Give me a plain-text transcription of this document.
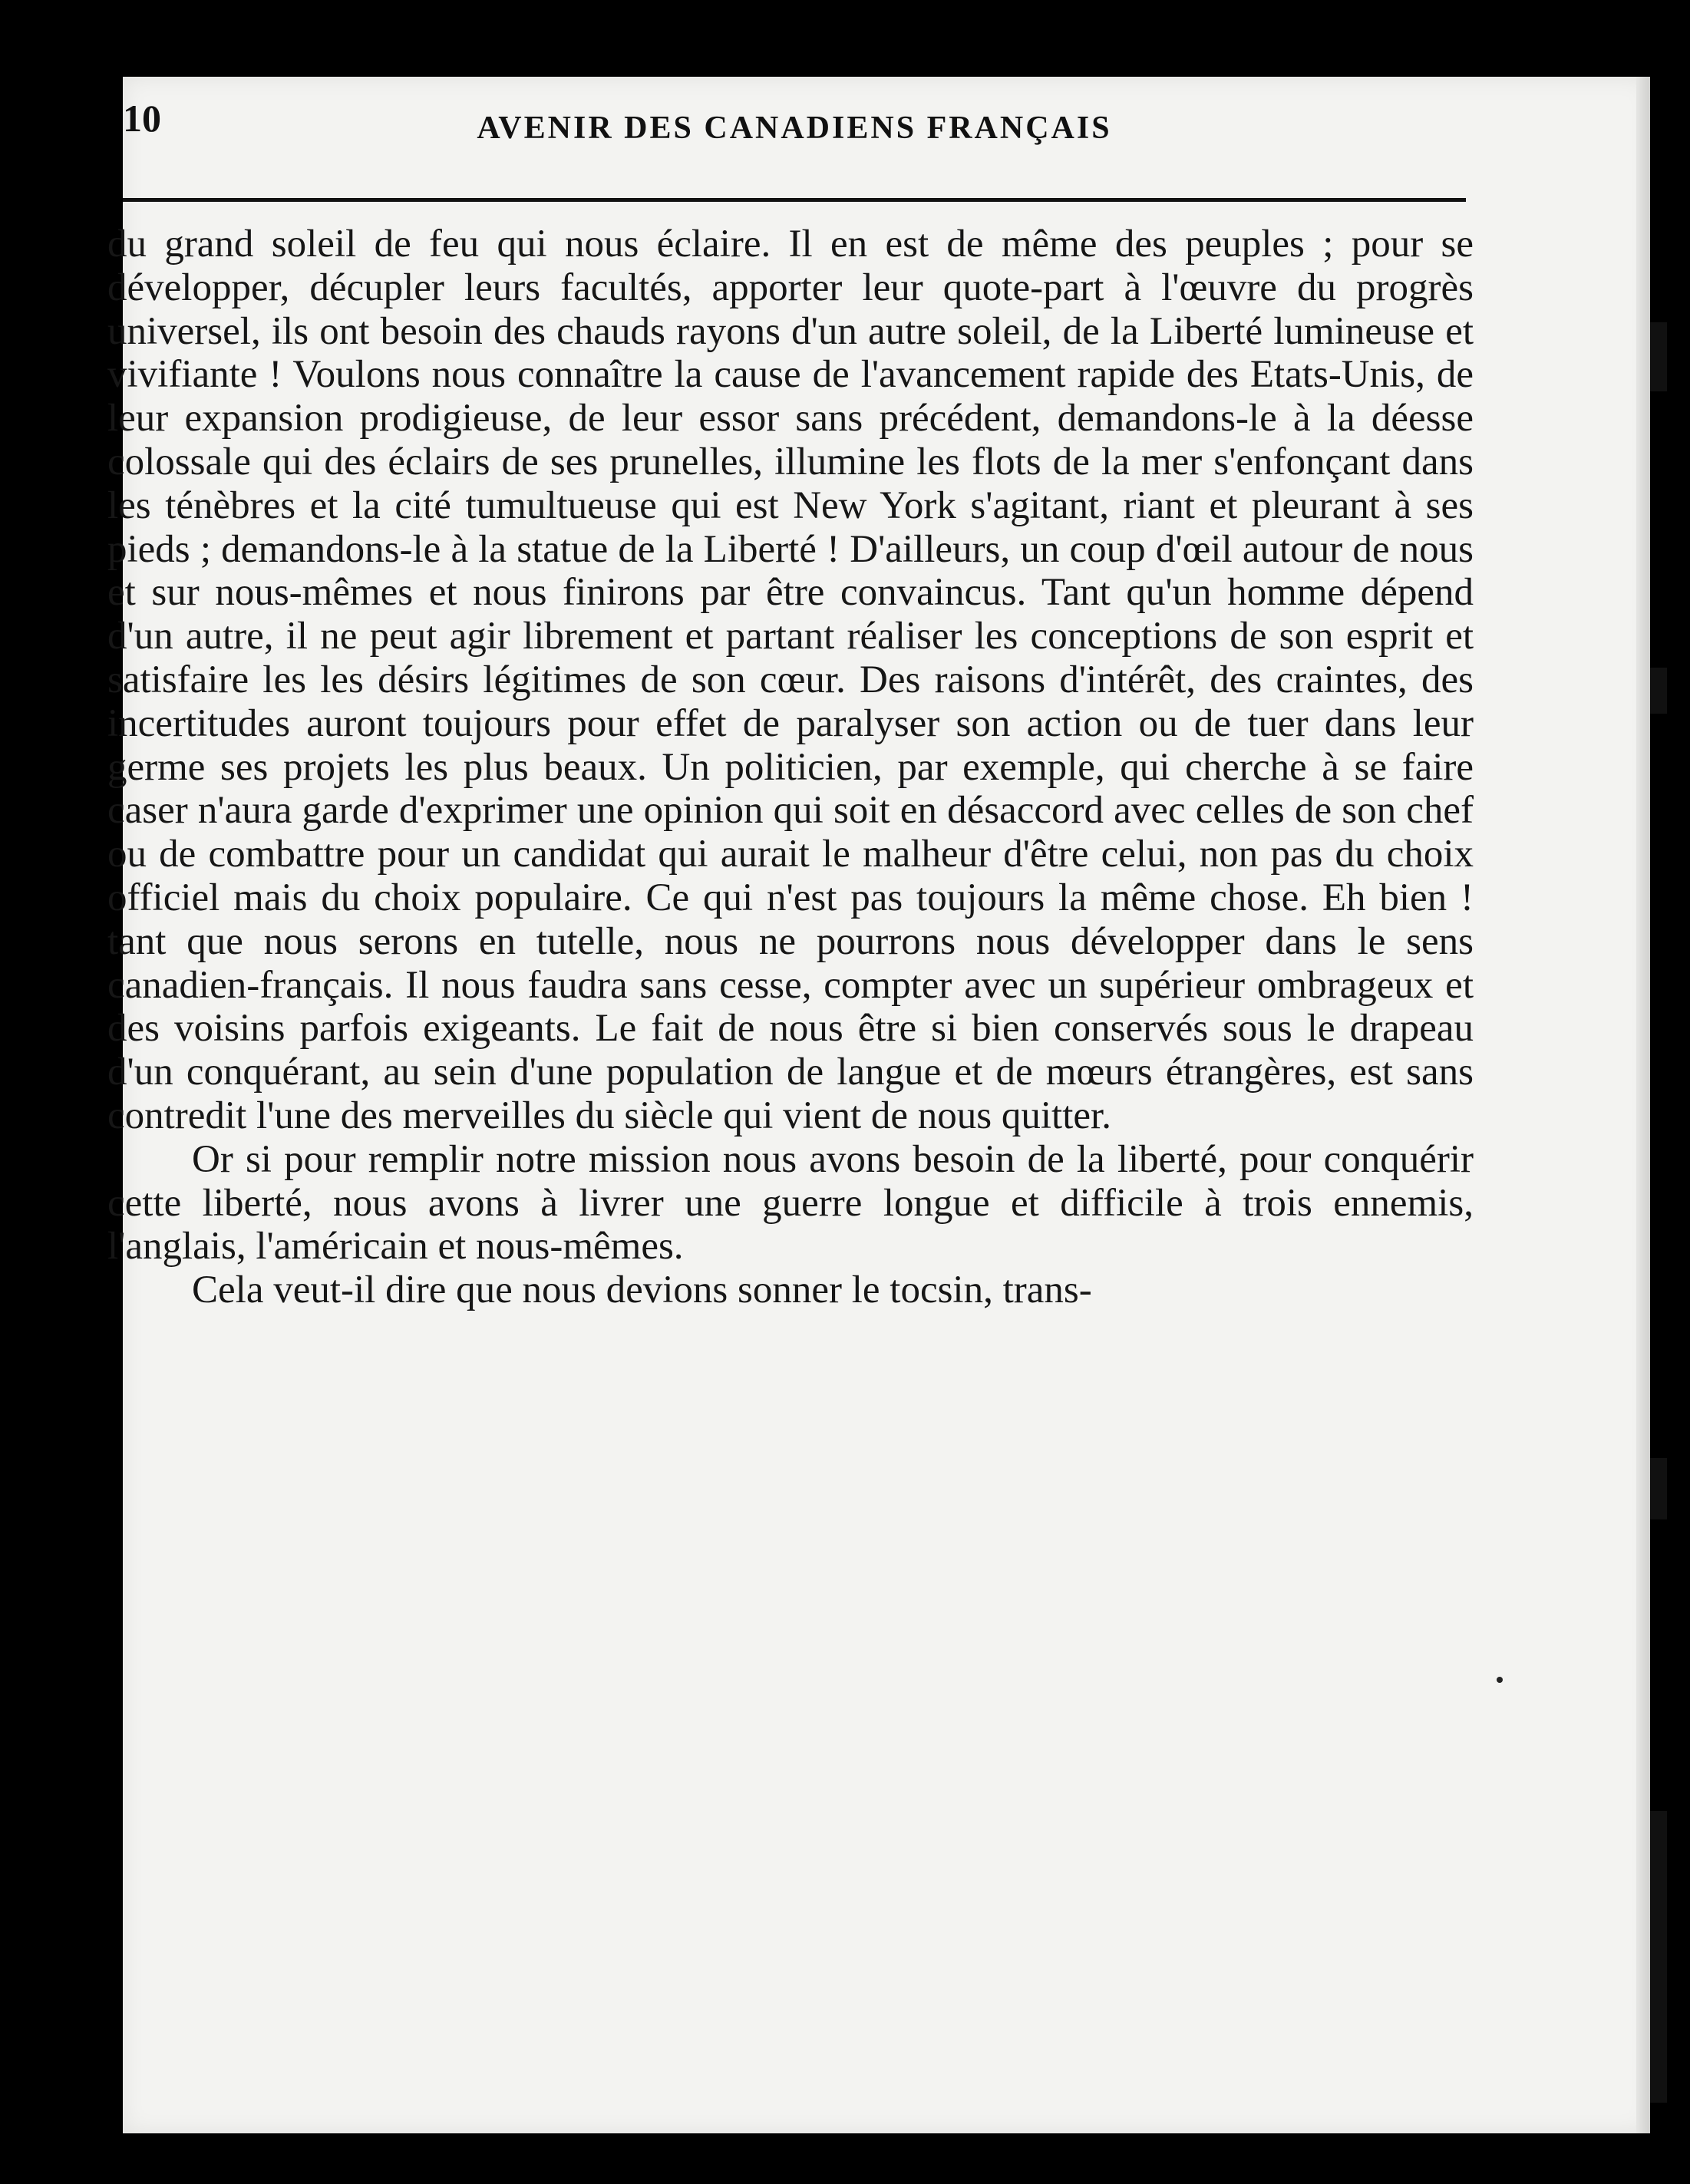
10	AVENIR DES CANADIENS FRANÇAIS

du grand soleil de feu qui nous éclaire. Il en est de même des peuples ; pour se développer, décupler leurs facultés, apporter leur quote-part à l'œuvre du progrès universel, ils ont besoin des chauds rayons d'un autre soleil, de la Liberté lumineuse et vivifiante ! Voulons nous connaître la cause de l'avancement rapide des Etats-Unis, de leur expansion prodigieuse, de leur essor sans précédent, demandons-le à la déesse colossale qui des éclairs de ses prunelles, illumine les flots de la mer s'enfonçant dans les ténèbres et la cité tumultueuse qui est New York s'agitant, riant et pleurant à ses pieds ; demandons-le à la statue de la Liberté ! D'ailleurs, un coup d'œil autour de nous et sur nous-mêmes et nous finirons par être convaincus. Tant qu'un homme dépend d'un autre, il ne peut agir librement et partant réaliser les conceptions de son esprit et satisfaire les les désirs légitimes de son cœur. Des raisons d'intérêt, des craintes, des incertitudes auront toujours pour effet de paralyser son action ou de tuer dans leur germe ses projets les plus beaux. Un politicien, par exemple, qui cherche à se faire caser n'aura garde d'exprimer une opinion qui soit en désaccord avec celles de son chef ou de combattre pour un candidat qui aurait le malheur d'être celui, non pas du choix officiel mais du choix populaire. Ce qui n'est pas toujours la même chose. Eh bien ! tant que nous serons en tutelle, nous ne pourrons nous développer dans le sens canadien-français. Il nous faudra sans cesse, compter avec un supérieur ombrageux et des voisins parfois exigeants. Le fait de nous être si bien conservés sous le drapeau d'un conquérant, au sein d'une population de langue et de mœurs étrangères, est sans contredit l'une des merveilles du siècle qui vient de nous quitter.

Or si pour remplir notre mission nous avons besoin de la liberté, pour conquérir cette liberté, nous avons à livrer une guerre longue et difficile à trois ennemis, l'anglais, l'américain et nous-mêmes.

Cela veut-il dire que nous devions sonner le tocsin, trans-
